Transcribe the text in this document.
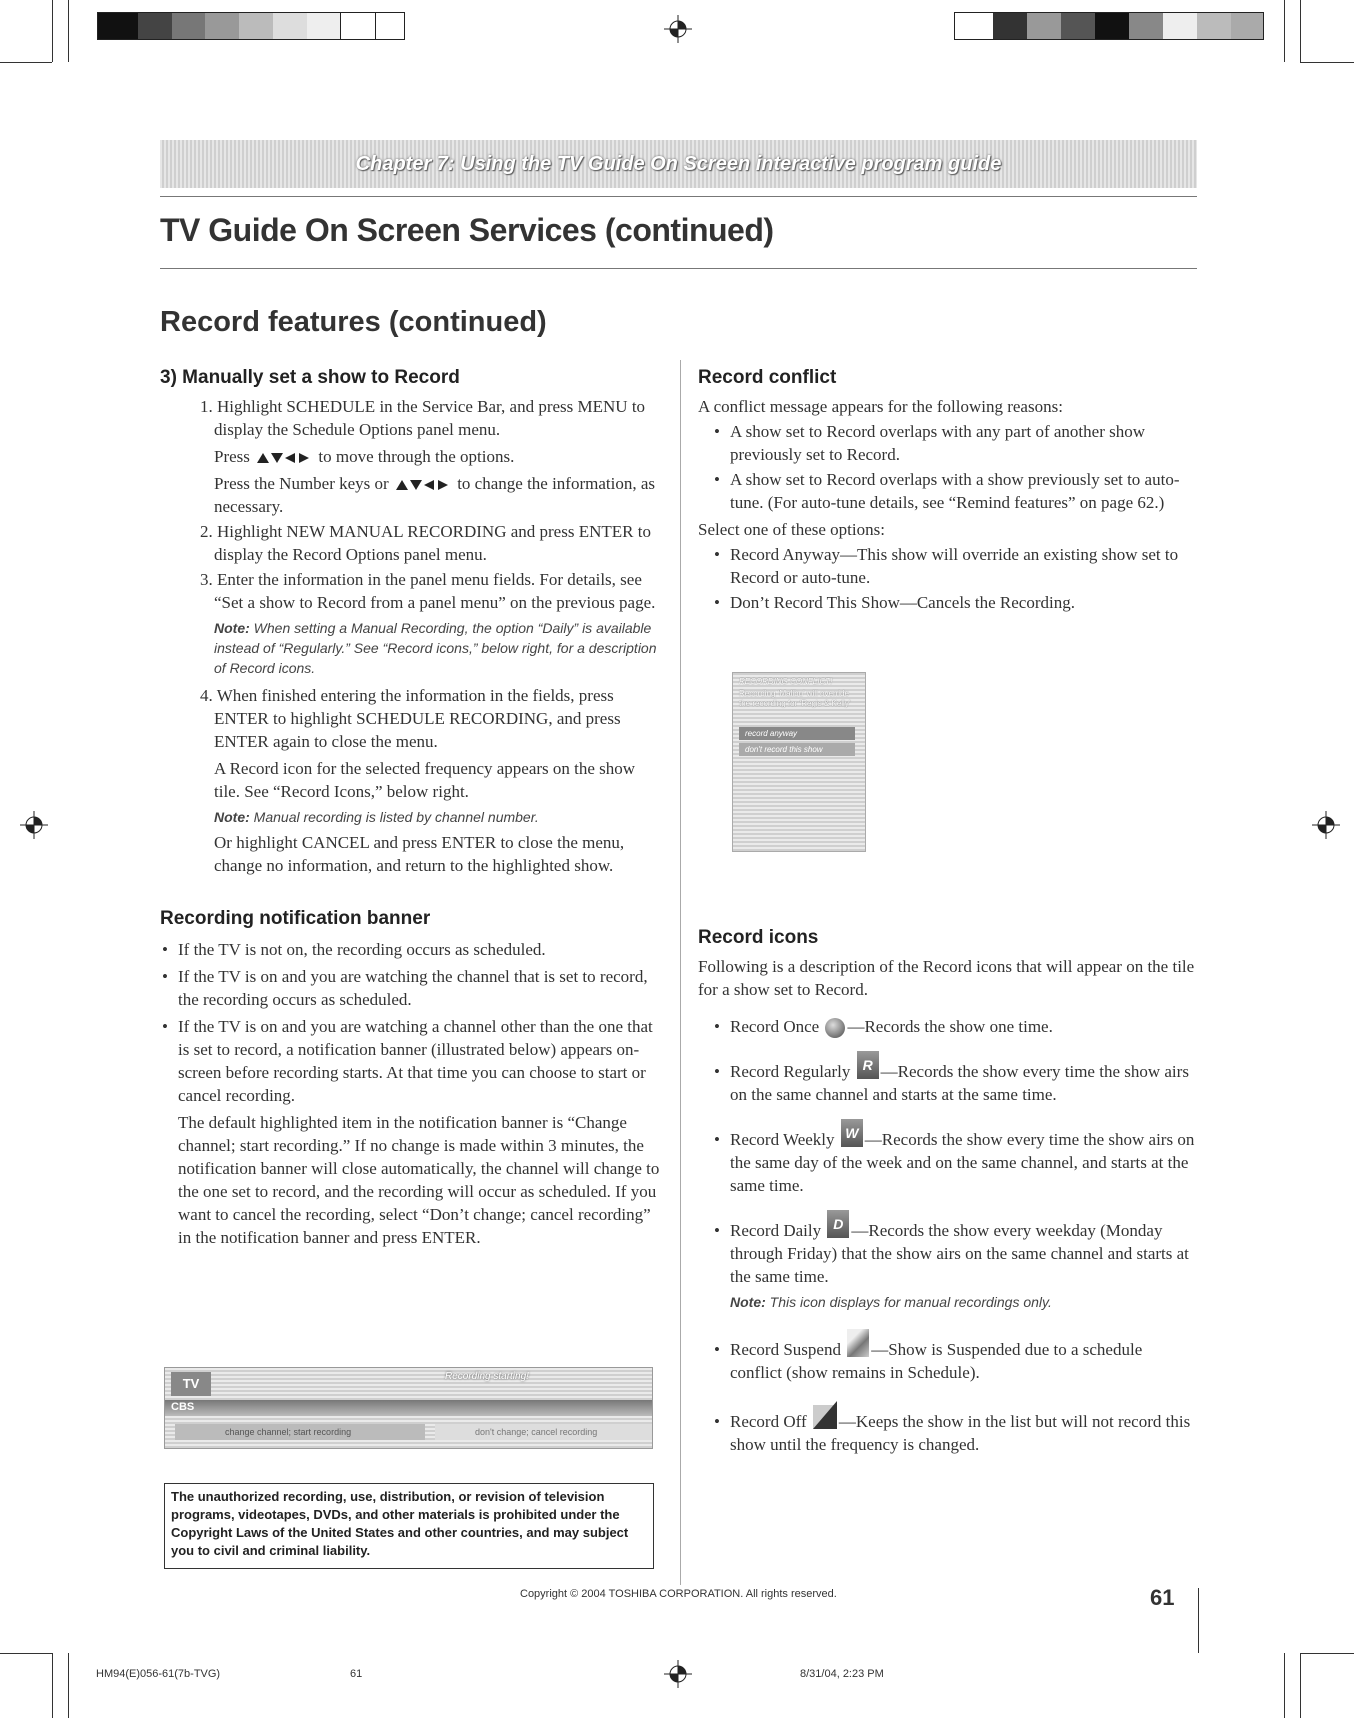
Chapter 7: Using the TV Guide On Screen interactive program guide
TV Guide On Screen Services (continued)
Record features (continued)

3) Manually set a show to Record

1. Highlight SCHEDULE in the Service Bar, and press MENU to display the Schedule Options panel menu.

Press	to move through the options.

Press the Number keys or	to change the information, as necessary.

2. Highlight NEW MANUAL RECORDING and press ENTER to display the Record Options panel menu.

3. Enter the information in the panel menu fields. For details, see “Set a show to Record from a panel menu” on the previous page.

Note: When setting a Manual Recording, the option “Daily” is available instead of “Regularly.” See “Record icons,” below right, for a description of Record icons.

4. When finished entering the information in the fields, press ENTER to highlight SCHEDULE RECORDING, and press ENTER again to close the menu.

A Record icon for the selected frequency appears on the show tile. See “Record Icons,” below right.

Note: Manual recording is listed by channel number.

Or highlight CANCEL and press ENTER to close the menu, change no information, and return to the highlighted show.

Recording notification banner

• If the TV is not on, the recording occurs as scheduled.

• If the TV is on and you are watching the channel that is set to record, the recording occurs as scheduled.

• If the TV is on and you are watching a channel other than the one that is set to record, a notification banner (illustrated below) appears on-screen before recording starts. At that time you can choose to start or cancel recording.

The default highlighted item in the notification banner is “Change channel; start recording.” If no change is made within 3 minutes, the notification banner will close automatically, the channel will change to the one set to record, and the recording will occur as scheduled. If you want to cancel the recording, select “Don’t change; cancel recording” in the notification banner and press ENTER.

TV	Recording starting!
CBS
change channel; start recording	don't change; cancel recording
The unauthorized recording, use, distribution, or revision of television programs, videotapes, DVDs, and other materials is prohibited under the Copyright Laws of the United States and other countries, and may subject you to civil and criminal liability.

Record conflict

A conflict message appears for the following reasons:

• A show set to Record overlaps with any part of another show previously set to Record.

• A show set to Record overlaps with a show previously set to auto-tune. (For auto-tune details, see “Remind features” on page 62.)

Select one of these options:

• Record Anyway—This show will override an existing show set to Record or auto-tune.

• Don’t Record This Show—Cancels the Recording.

RECORDING CONFLICT!
Recording ‘Malibu’ will override the recording for ‘Regis & Kelly’
record anyway
don't record this show

Record icons

Following is a description of the Record icons that will appear on the tile for a show set to Record.

• Record Once —Records the show one time.

• Record Regularly R —Records the show every time the show airs on the same channel and starts at the same time.

• Record Weekly W —Records the show every time the show airs on the same day of the week and on the same channel, and starts at the same time.

• Record Daily D —Records the show every weekday (Monday through Friday) that the show airs on the same channel and starts at the same time.

Note: This icon displays for manual recordings only.

• Record Suspend —Show is Suspended due to a schedule conflict (show remains in Schedule).

• Record Off —Keeps the show in the list but will not record this show until the frequency is changed.

Copyright © 2004 TOSHIBA CORPORATION. All rights reserved.	61
HM94(E)056-61(7b-TVG)	61	8/31/04, 2:23 PM
